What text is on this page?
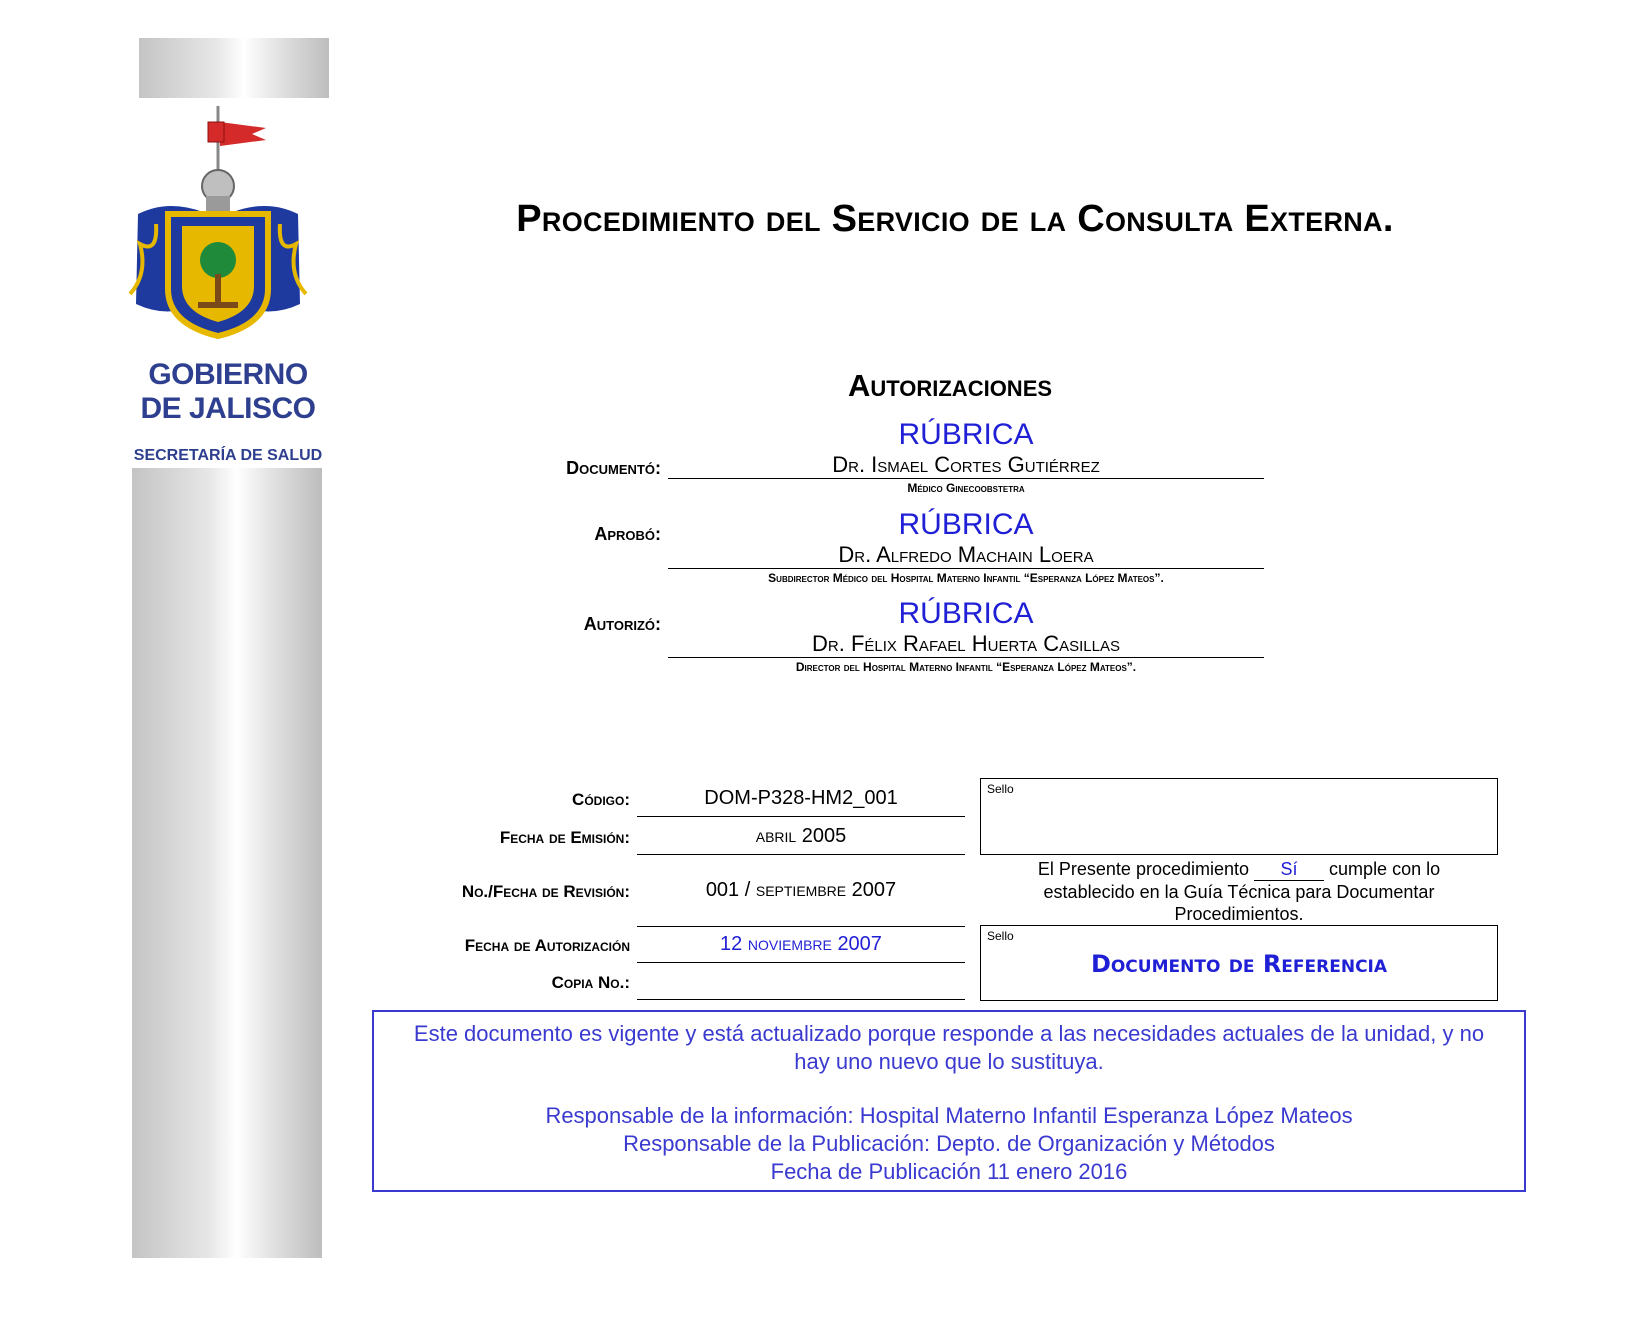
GOBIERNO
DE JALISCO
SECRETARÍA DE SALUD
Procedimiento del Servicio de la Consulta Externa.
Autorizaciones
Documentó:
RÚBRICA
Dr. Ismael Cortes Gutiérrez
Médico Ginecoobstetra
Aprobó:	RÚBRICA
Dr. Alfredo Machain Loera
Subdirector Médico del Hospital Materno Infantil “Esperanza López Mateos”.
Autorizó:	RÚBRICA
Dr. Félix Rafael Huerta Casillas
Director del Hospital Materno Infantil “Esperanza López Mateos”.
Código:	DOM-P328-HM2_001
Fecha de Emisión:	abril 2005
No./Fecha de Revisión:	001 / septiembre 2007
Fecha de Autorización	12 noviembre 2007
Copia No.:
Sello
El Presente procedimiento Sí cumple con lo
establecido en la Guía Técnica para Documentar
Procedimientos.
Sello
Documento de Referencia
Este documento es vigente y está actualizado porque responde a las necesidades actuales de la unidad, y no
hay uno nuevo que lo sustituya.
Responsable de la información: Hospital Materno Infantil Esperanza López Mateos
Responsable de la Publicación: Depto. de Organización y Métodos
Fecha de Publicación 11 enero 2016
